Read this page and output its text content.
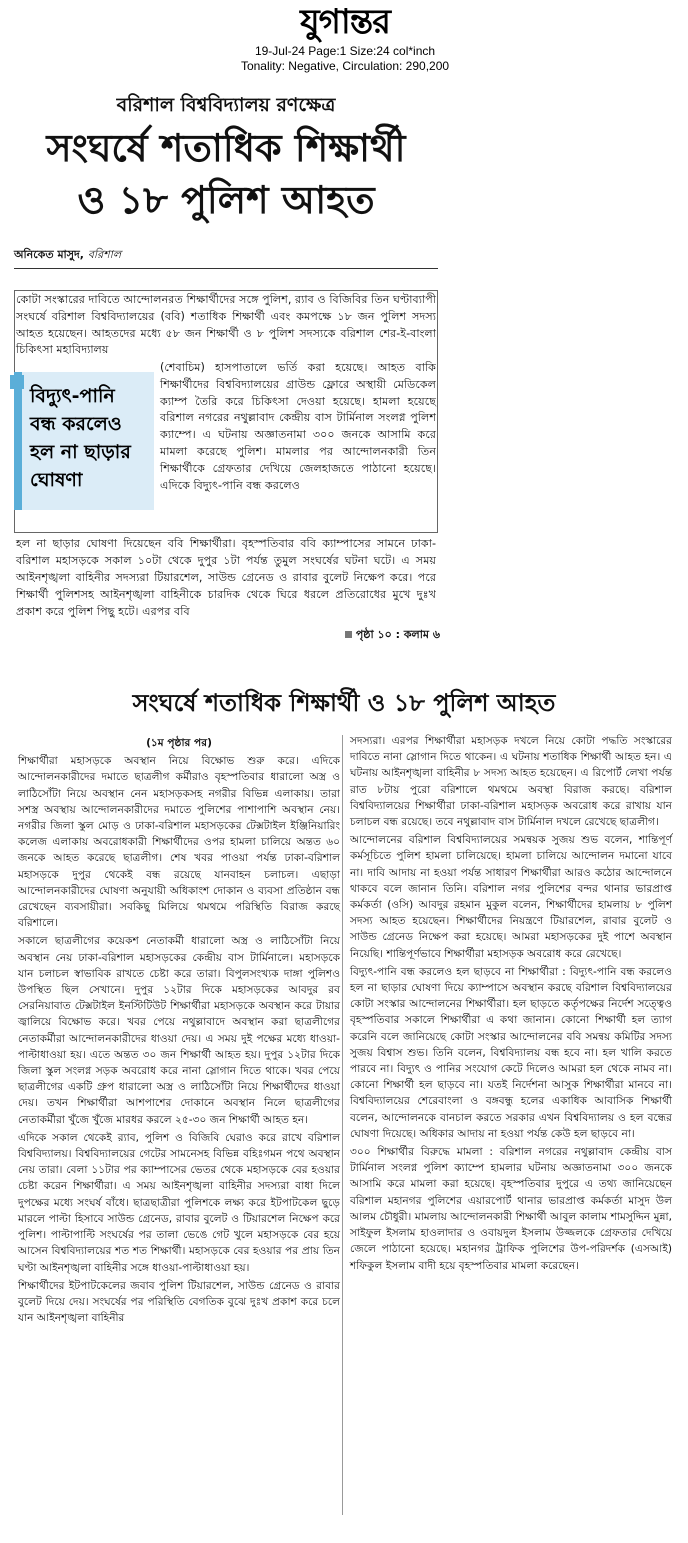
যুগান্তর
19-Jul-24 Page:1 Size:24 col*inch
Tonality: Negative, Circulation: 290,200
বরিশাল বিশ্ববিদ্যালয় রণক্ষেত্র
সংঘর্ষে শতাধিক শিক্ষার্থী
ও ১৮ পুলিশ আহত
অনিকেত মাসুদ, বরিশাল
কোটা সংস্কারের দাবিতে আন্দোলনরত শিক্ষার্থীদের সঙ্গে পুলিশ, র‌্যাব ও বিজিবির তিন ঘণ্টাব্যাপী সংঘর্ষে বরিশাল বিশ্ববিদ্যালয়ের (ববি) শতাধিক শিক্ষার্থী এবং কমপক্ষে ১৮ জন পুলিশ সদস্য আহত হয়েছেন। আহতদের মধ্যে ৫৮ জন শিক্ষার্থী ও ৮ পুলিশ সদস্যকে বরিশাল শের-ই-বাংলা চিকিৎসা মহাবিদ্যালয়
(শেবাচিম) হাসপাতালে ভর্তি করা হয়েছে। আহত বাকি শিক্ষার্থীদের বিশ্ববিদ্যালয়ের গ্রাউন্ড ফ্লোরে অস্থায়ী মেডিকেল ক্যাম্প তৈরি করে চিকিৎসা দেওয়া হয়েছে। হামলা হয়েছে বরিশাল নগরের নথুল্লাবাদ কেন্দ্রীয় বাস টার্মিনাল সংলগ্ন পুলিশ ক্যাম্পে। এ ঘটনায় অজ্ঞাতনামা ৩০০ জনকে আসামি করে মামলা করেছে পুলিশ। মামলার পর আন্দোলনকারী তিন শিক্ষার্থীকে গ্রেফতার দেখিয়ে জেলহাজতে পাঠানো হয়েছে। এদিকে বিদ্যুৎ-পানি বন্ধ করলেও
বিদ্যুৎ-পানি বন্ধ করলেও হল না ছাড়ার ঘোষণা
হল না ছাড়ার ঘোষণা দিয়েছেন ববি শিক্ষার্থীরা। বৃহস্পতিবার ববি ক্যাম্পাসের সামনে ঢাকা-বরিশাল মহাসড়কে সকাল ১০টা থেকে দুপুর ১টা পর্যন্ত তুমুল সংঘর্ষের ঘটনা ঘটে। এ সময় আইনশৃঙ্খলা বাহিনীর সদস্যরা টিয়ারশেল, সাউন্ড গ্রেনেড ও রাবার বুলেট নিক্ষেপ করে। পরে শিক্ষার্থী পুলিশসহ আইনশৃঙ্খলা বাহিনীকে চারদিক থেকে ঘিরে ধরলে প্রতিরোধের মুখে দুঃখ প্রকাশ করে পুলিশ পিছু হটে। এরপর ববি
পৃষ্ঠা ১০ : কলাম ৬
সংঘর্ষে শতাধিক শিক্ষার্থী ও ১৮ পুলিশ আহত

(১ম পৃষ্ঠার পর)

শিক্ষার্থীরা মহাসড়কে অবস্থান নিয়ে বিক্ষোভ শুরু করে। এদিকে আন্দোলনকারীদের দমাতে ছাত্রলীগ কর্মীরাও বৃহস্পতিবার ধারালো অস্ত্র ও লাঠিসোঁটা নিয়ে অবস্থান নেন মহাসড়কসহ নগরীর বিভিন্ন এলাকায়। তারা সশস্ত্র অবস্থায় আন্দোলনকারীদের দমাতে পুলিশের পাশাপাশি অবস্থান নেয়। নগরীর জিলা স্কুল মোড় ও ঢাকা-বরিশাল মহাসড়কের টেক্সটাইল ইঞ্জিনিয়ারিং কলেজ এলাকায় অবরোধকারী শিক্ষার্থীদের ওপর হামলা চালিয়ে অন্তত ৬০ জনকে আহত করেছে ছাত্রলীগ। শেষ খবর পাওয়া পর্যন্ত ঢাকা-বরিশাল মহাসড়কে দুপুর থেকেই বন্ধ রয়েছে যানবাহন চলাচল। এছাড়া আন্দোলনকারীদের ঘোষণা অনুযায়ী অধিকাংশ দোকান ও ব্যবসা প্রতিষ্ঠান বন্ধ রেখেছেন ব্যবসায়ীরা। সবকিছু মিলিয়ে থমথমে পরিস্থিতি বিরাজ করছে বরিশালে।

সকালে ছাত্রলীগের কয়েকশ নেতাকর্মী ধারালো অস্ত্র ও লাঠিসোঁটা নিয়ে অবস্থান নেয় ঢাকা-বরিশাল মহাসড়কের কেন্দ্রীয় বাস টার্মিনালে। মহাসড়কে যান চলাচল স্বাভাবিক রাখতে চেষ্টা করে তারা। বিপুলসংখ্যক দাঙ্গা পুলিশও উপস্থিত ছিল সেখানে। দুপুর ১২টার দিকে মহাসড়কের আবদুর রব সেরনিয়াবাত টেক্সটাইল ইনস্টিটিউট শিক্ষার্থীরা মহাসড়কে অবস্থান করে টায়ার জ্বালিয়ে বিক্ষোভ করে। খবর পেয়ে নথুল্লাবাদে অবস্থান করা ছাত্রলীগের নেতাকর্মীরা আন্দোলনকারীদের ধাওয়া দেয়। এ সময় দুই পক্ষের মধ্যে ধাওয়া-পাল্টাধাওয়া হয়। এতে অন্তত ৩০ জন শিক্ষার্থী আহত হয়। দুপুর ১২টার দিকে জিলা স্কুল সংলগ্ন সড়ক অবরোধ করে নানা স্লোগান দিতে থাকে। খবর পেয়ে ছাত্রলীগের একটি গ্রুপ ধারালো অস্ত্র ও লাঠিসোঁটা নিয়ে শিক্ষার্থীদের ধাওয়া দেয়। তখন শিক্ষার্থীরা আশপাশের দোকানে অবস্থান নিলে ছাত্রলীগের নেতাকর্মীরা খুঁজে খুঁজে মারধর করলে ২৫-৩০ জন শিক্ষার্থী আহত হন।

এদিকে সকাল থেকেই র‌্যাব, পুলিশ ও বিজিবি ঘেরাও করে রাখে বরিশাল বিশ্ববিদ্যালয়। বিশ্ববিদ্যালয়ের গেটের সামনেসহ বিভিন্ন বহিঃগমন পথে অবস্থান নেয় তারা। বেলা ১১টার পর ক্যাম্পাসের ভেতর থেকে মহাসড়কে বের হওয়ার চেষ্টা করেন শিক্ষার্থীরা। এ সময় আইনশৃঙ্খলা বাহিনীর সদস্যরা বাধা দিলে দুপক্ষের মধ্যে সংঘর্ষ বাঁধে। ছাত্রছাত্রীরা পুলিশকে লক্ষ্য করে ইটপাটকেল ছুড়ে মারলে পাল্টা হিসাবে সাউন্ড গ্রেনেড, রাবার বুলেট ও টিয়ারশেল নিক্ষেপ করে পুলিশ। পাল্টাপাল্টি সংঘর্ষের পর তালা ভেঙে গেট খুলে মহাসড়কে বের হয়ে আসেন বিশ্ববিদ্যালয়ের শত শত শিক্ষার্থী। মহাসড়কে বের হওয়ার পর প্রায় তিন ঘণ্টা আইনশৃঙ্খলা বাহিনীর সঙ্গে ধাওয়া-পাল্টাধাওয়া হয়।

শিক্ষার্থীদের ইটপাটকেলের জবাব পুলিশ টিয়ারশেল, সাউন্ড গ্রেনেড ও রাবার বুলেট দিয়ে দেয়। সংঘর্ষের পর পরিস্থিতি বেগতিক বুঝে দুঃখ প্রকাশ করে চলে যান আইনশৃঙ্খলা বাহিনীর

সদস্যরা। এরপর শিক্ষার্থীরা মহাসড়ক দখলে নিয়ে কোটা পদ্ধতি সংস্কারের দাবিতে নানা স্লোগান দিতে থাকেন। এ ঘটনায় শতাধিক শিক্ষার্থী আহত হন। এ ঘটনায় আইনশৃঙ্খলা বাহিনীর ৮ সদস্য আহত হয়েছেন। এ রিপোর্ট লেখা পর্যন্ত রাত ৮টায় পুরো বরিশালে থমথমে অবস্থা বিরাজ করছে। বরিশাল বিশ্ববিদ্যালয়ের শিক্ষার্থীরা ঢাকা-বরিশাল মহাসড়ক অবরোধ করে রাখায় যান চলাচল বন্ধ রয়েছে। তবে নথুল্লাবাদ বাস টার্মিনাল দখলে রেখেছে ছাত্রলীগ।

আন্দোলনের বরিশাল বিশ্ববিদ্যালয়ের সমন্বয়ক সুজয় শুভ বলেন, শান্তিপূর্ণ কর্মসূচিতে পুলিশ হামলা চালিয়েছে। হামলা চালিয়ে আন্দোলন দমানো যাবে না। দাবি আদায় না হওয়া পর্যন্ত সাধারণ শিক্ষার্থীরা আরও কঠোর আন্দোলনে থাকবে বলে জানান তিনি। বরিশাল নগর পুলিশের বন্দর থানার ভারপ্রাপ্ত কর্মকর্তা (ওসি) আবদুর রহমান মুকুল বলেন, শিক্ষার্থীদের হামলায় ৮ পুলিশ সদস্য আহত হয়েছেন। শিক্ষার্থীদের নিয়ন্ত্রণে টিয়ারশেল, রাবার বুলেট ও সাউন্ড গ্রেনেড নিক্ষেপ করা হয়েছে। আমরা মহাসড়কের দুই পাশে অবস্থান নিয়েছি। শান্তিপূর্ণভাবে শিক্ষার্থীরা মহাসড়ক অবরোধ করে রেখেছে।

বিদ্যুৎ-পানি বন্ধ করলেও হল ছাড়বে না শিক্ষার্থীরা : বিদ্যুৎ-পানি বন্ধ করলেও হল না ছাড়ার ঘোষণা দিয়ে ক্যাম্পাসে অবস্থান করছে বরিশাল বিশ্ববিদ্যালয়ের কোটা সংস্কার আন্দোলনের শিক্ষার্থীরা। হল ছাড়তে কর্তৃপক্ষের নির্দেশ সত্ত্বেও বৃহস্পতিবার সকালে শিক্ষার্থীরা এ কথা জানান। কোনো শিক্ষার্থী হল ত্যাগ করেনি বলে জানিয়েছে কোটা সংস্কার আন্দোলনের ববি সমন্বয় কমিটির সদস্য সুজয় বিশ্বাস শুভ। তিনি বলেন, বিশ্ববিদ্যালয় বন্ধ হবে না। হল খালি করতে পারবে না। বিদ্যুৎ ও পানির সংযোগ কেটে দিলেও আমরা হল থেকে নামব না। কোনো শিক্ষার্থী হল ছাড়বে না। যতই নির্দেশনা আসুক শিক্ষার্থীরা মানবে না। বিশ্ববিদ্যালয়ের শেরেবাংলা ও বঙ্গবন্ধু হলের একাধিক আবাসিক শিক্ষার্থী বলেন, আন্দোলনকে বানচাল করতে সরকার এখন বিশ্ববিদ্যালয় ও হল বন্ধের ঘোষণা দিয়েছে। অধিকার আদায় না হওয়া পর্যন্ত কেউ হল ছাড়বে না।

৩০০ শিক্ষার্থীর বিরুদ্ধে মামলা : বরিশাল নগরের নথুল্লাবাদ কেন্দ্রীয় বাস টার্মিনাল সংলগ্ন পুলিশ ক্যাম্পে হামলার ঘটনায় অজ্ঞাতনামা ৩০০ জনকে আসামি করে মামলা করা হয়েছে। বৃহস্পতিবার দুপুরে এ তথ্য জানিয়েছেন বরিশাল মহানগর পুলিশের এয়ারপোর্ট থানার ভারপ্রাপ্ত কর্মকর্তা মাসুদ উল আলম চৌধুরী। মামলায় আন্দোলনকারী শিক্ষার্থী আবুল কালাম শামসুদ্দিন মুন্না, সাইফুল ইসলাম হাওলাদার ও ওবায়দুল ইসলাম উজ্জলকে গ্রেফতার দেখিয়ে জেলে পাঠানো হয়েছে। মহানগর ট্রাফিক পুলিশের উপ-পরিদর্শক (এসআই) শফিকুল ইসলাম বাদী হয়ে বৃহস্পতিবার মামলা করেছেন।
